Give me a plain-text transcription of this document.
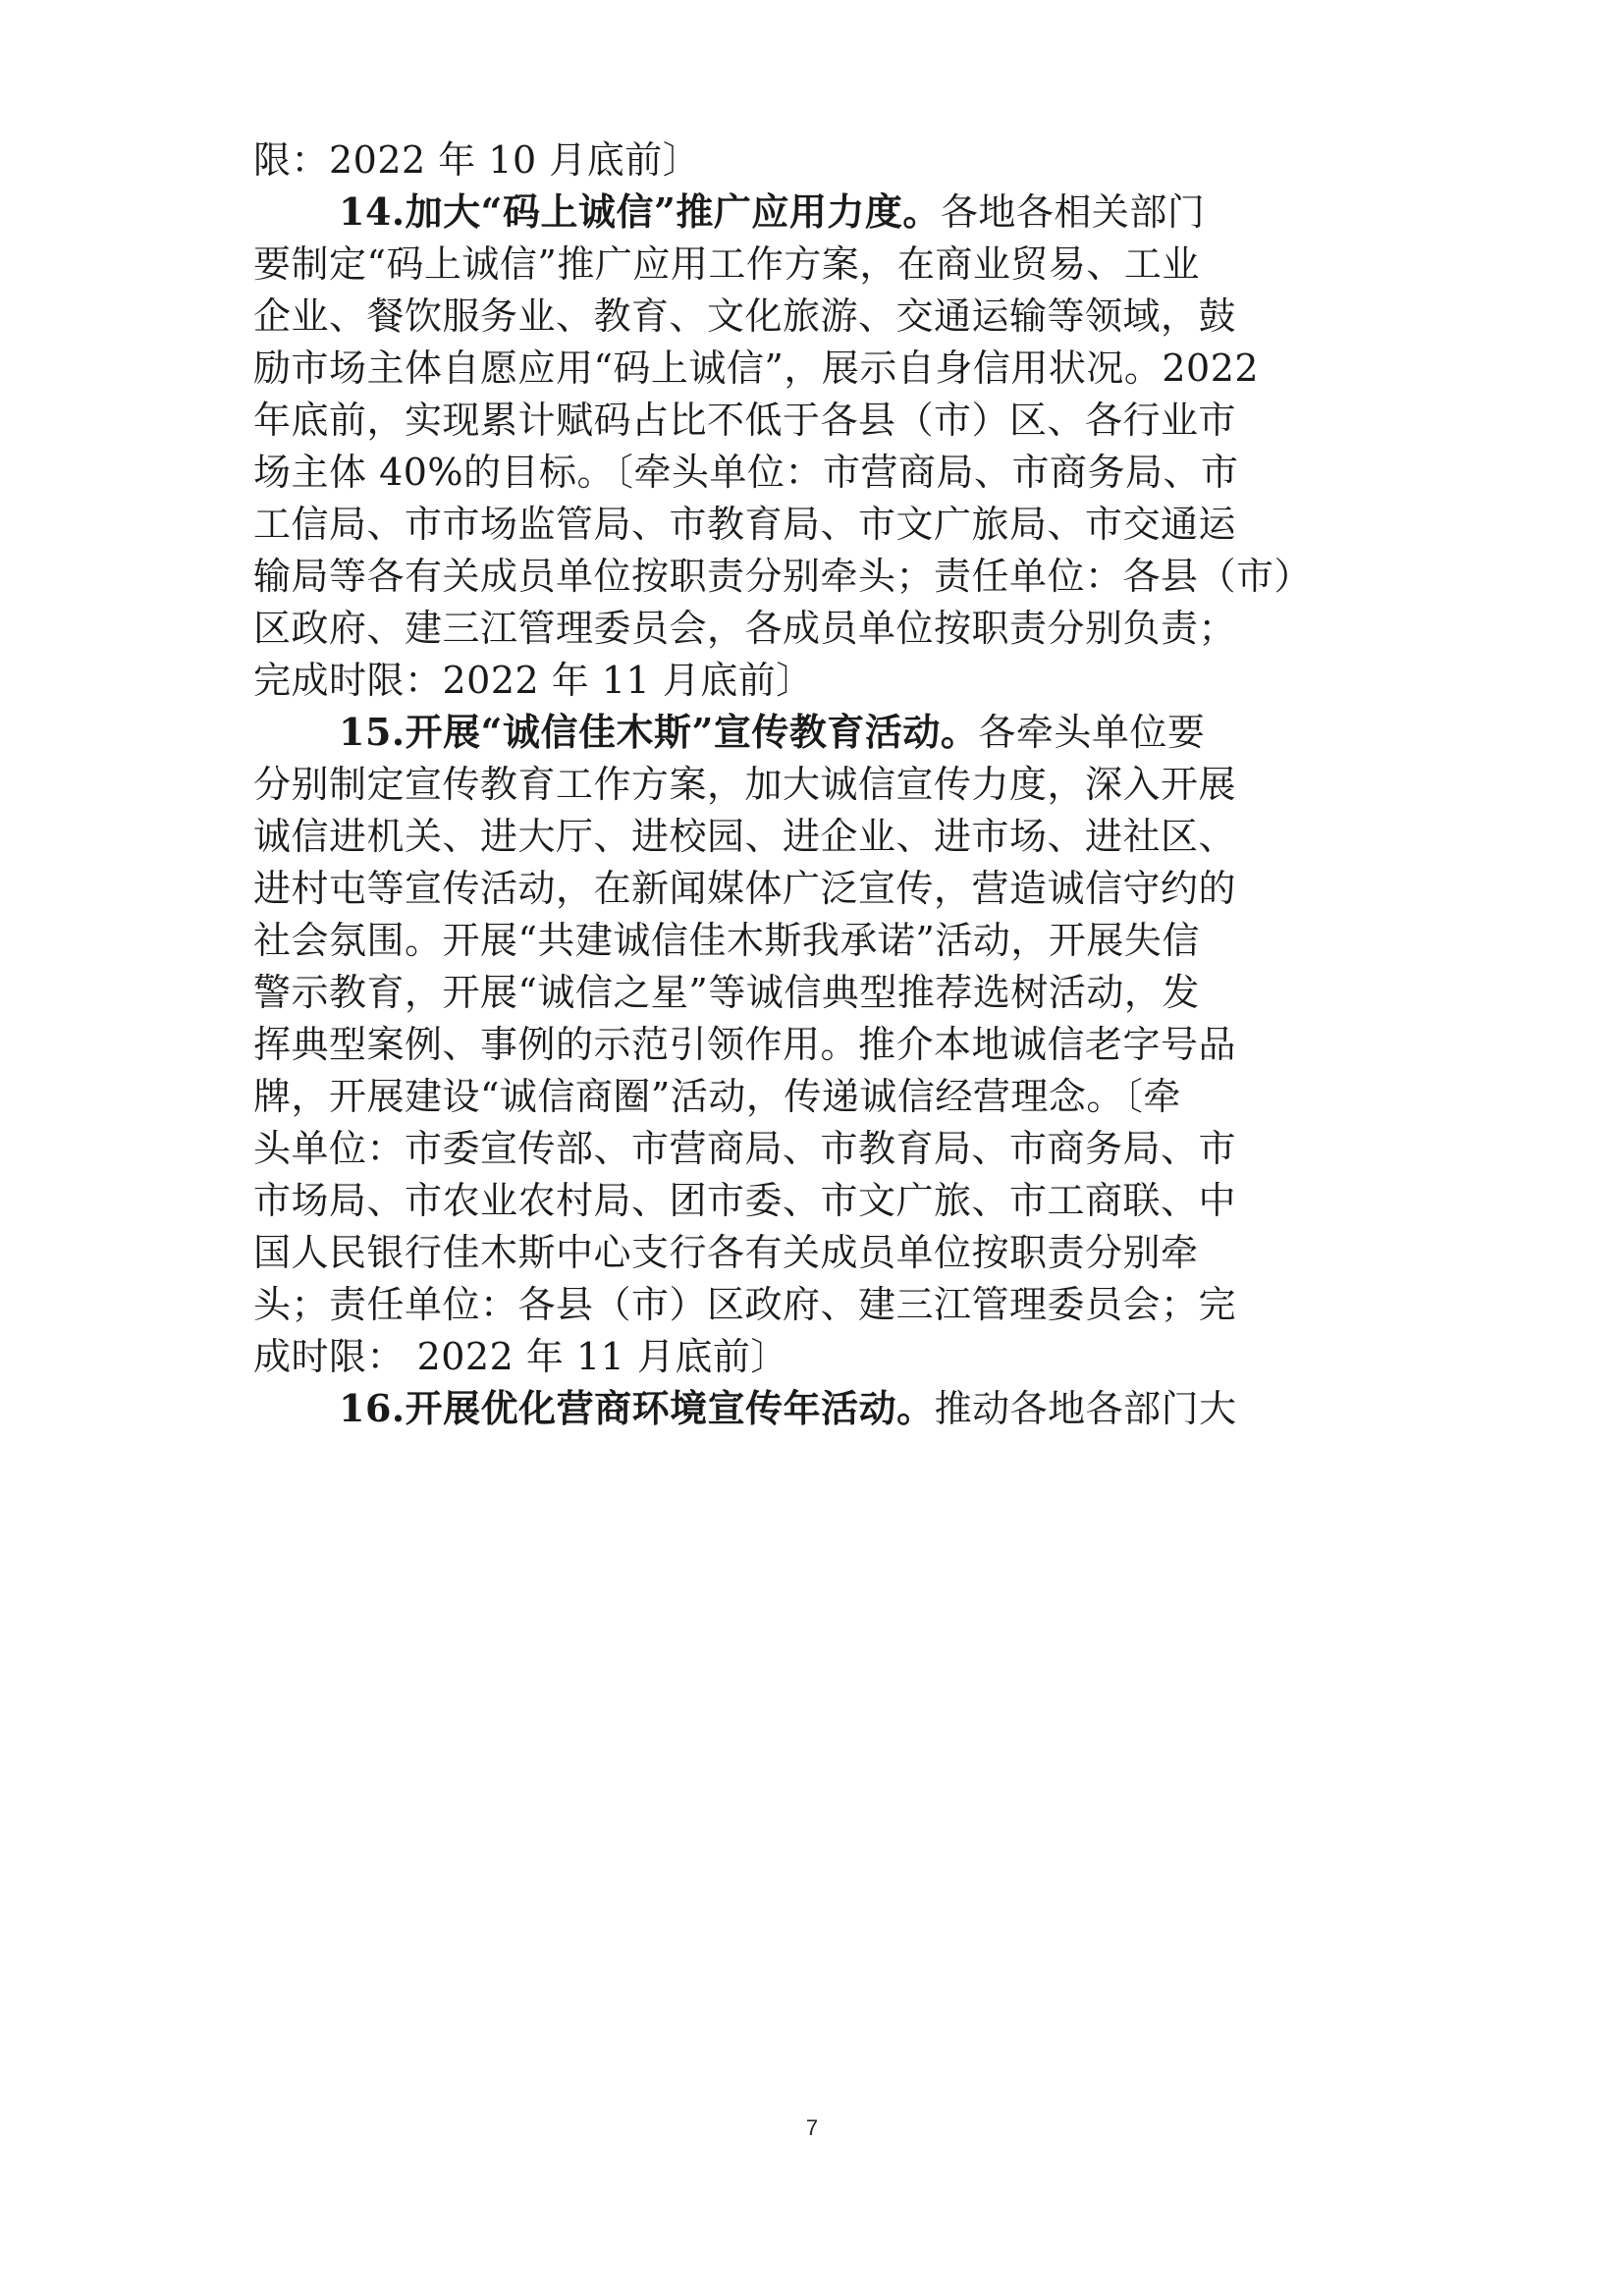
限：2022 年 10 月底前〕
14.加大“码上诚信”推广应用力度。各地各相关部门
要制定“码上诚信”推广应用工作方案，在商业贸易、工业
企业、餐饮服务业、教育、文化旅游、交通运输等领域，鼓
励市场主体自愿应用“码上诚信”，展示自身信用状况。2022
年底前，实现累计赋码占比不低于各县（市）区、各行业市
场主体 40%的目标。〔牵头单位：市营商局、市商务局、市
工信局、市市场监管局、市教育局、市文广旅局、市交通运
输局等各有关成员单位按职责分别牵头；责任单位：各县（市）
区政府、建三江管理委员会，各成员单位按职责分别负责；
完成时限：2022 年 11 月底前〕
15.开展“诚信佳木斯”宣传教育活动。各牵头单位要
分别制定宣传教育工作方案，加大诚信宣传力度，深入开展
诚信进机关、进大厅、进校园、进企业、进市场、进社区、
进村屯等宣传活动，在新闻媒体广泛宣传，营造诚信守约的
社会氛围。开展“共建诚信佳木斯我承诺”活动，开展失信
警示教育，开展“诚信之星”等诚信典型推荐选树活动，发
挥典型案例、事例的示范引领作用。推介本地诚信老字号品
牌，开展建设“诚信商圈”活动，传递诚信经营理念。〔牵
头单位：市委宣传部、市营商局、市教育局、市商务局、市
市场局、市农业农村局、团市委、市文广旅、市工商联、中
国人民银行佳木斯中心支行各有关成员单位按职责分别牵
头；责任单位：各县（市）区政府、建三江管理委员会；完
成时限： 2022 年 11 月底前〕
16.开展优化营商环境宣传年活动。推动各地各部门大
7
